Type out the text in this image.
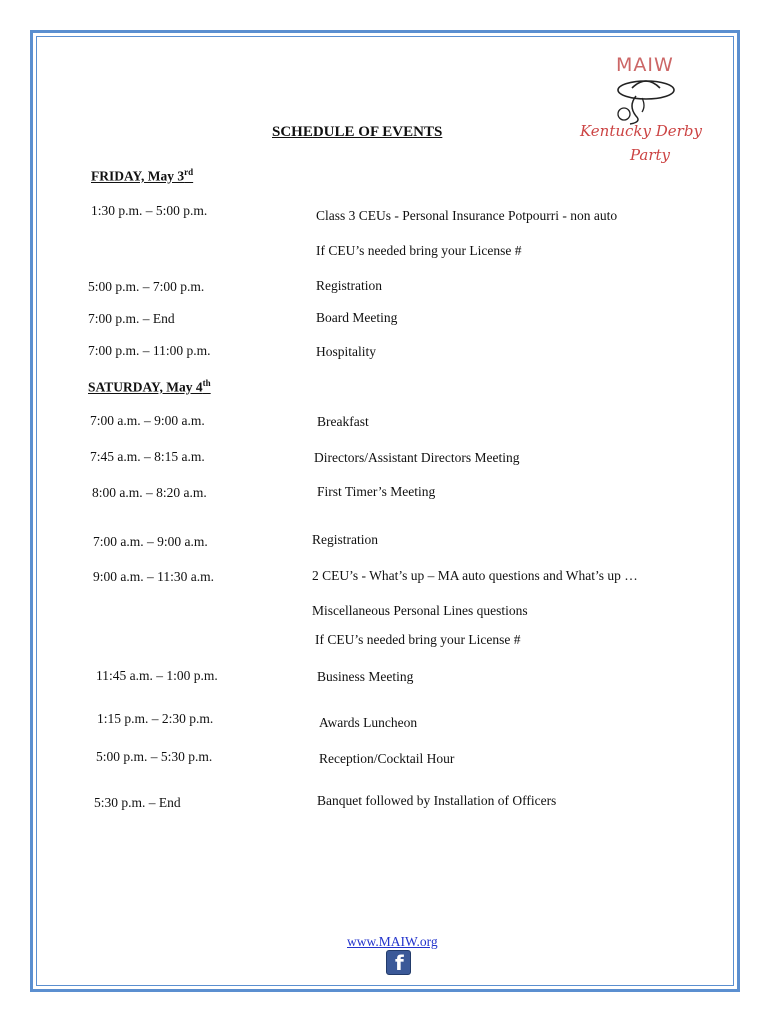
MAIW
Kentucky Derby
Party
SCHEDULE OF EVENTS
FRIDAY, May 3rd
1:30 p.m. – 5:00 p.m.	Class 3 CEUs - Personal Insurance Potpourri - non auto
If CEU’s needed bring your License #
5:00 p.m. – 7:00 p.m.	Registration
7:00 p.m. – End	Board Meeting
7:00 p.m. – 11:00 p.m.	Hospitality
SATURDAY, May 4th
7:00 a.m. – 9:00 a.m.	Breakfast
7:45 a.m. – 8:15 a.m.	Directors/Assistant Directors Meeting
8:00 a.m. – 8:20 a.m.	First Timer’s Meeting
7:00 a.m. – 9:00 a.m.	Registration
9:00 a.m. – 11:30 a.m.	2 CEU’s - What’s up – MA auto questions and What’s up …
Miscellaneous Personal Lines questions
If CEU’s needed bring your License #
11:45 a.m. – 1:00 p.m.	Business Meeting
1:15 p.m. – 2:30 p.m.	Awards Luncheon
5:00 p.m. – 5:30 p.m.	Reception/Cocktail Hour
5:30 p.m. – End	Banquet followed by Installation of Officers
www.MAIW.org
f
